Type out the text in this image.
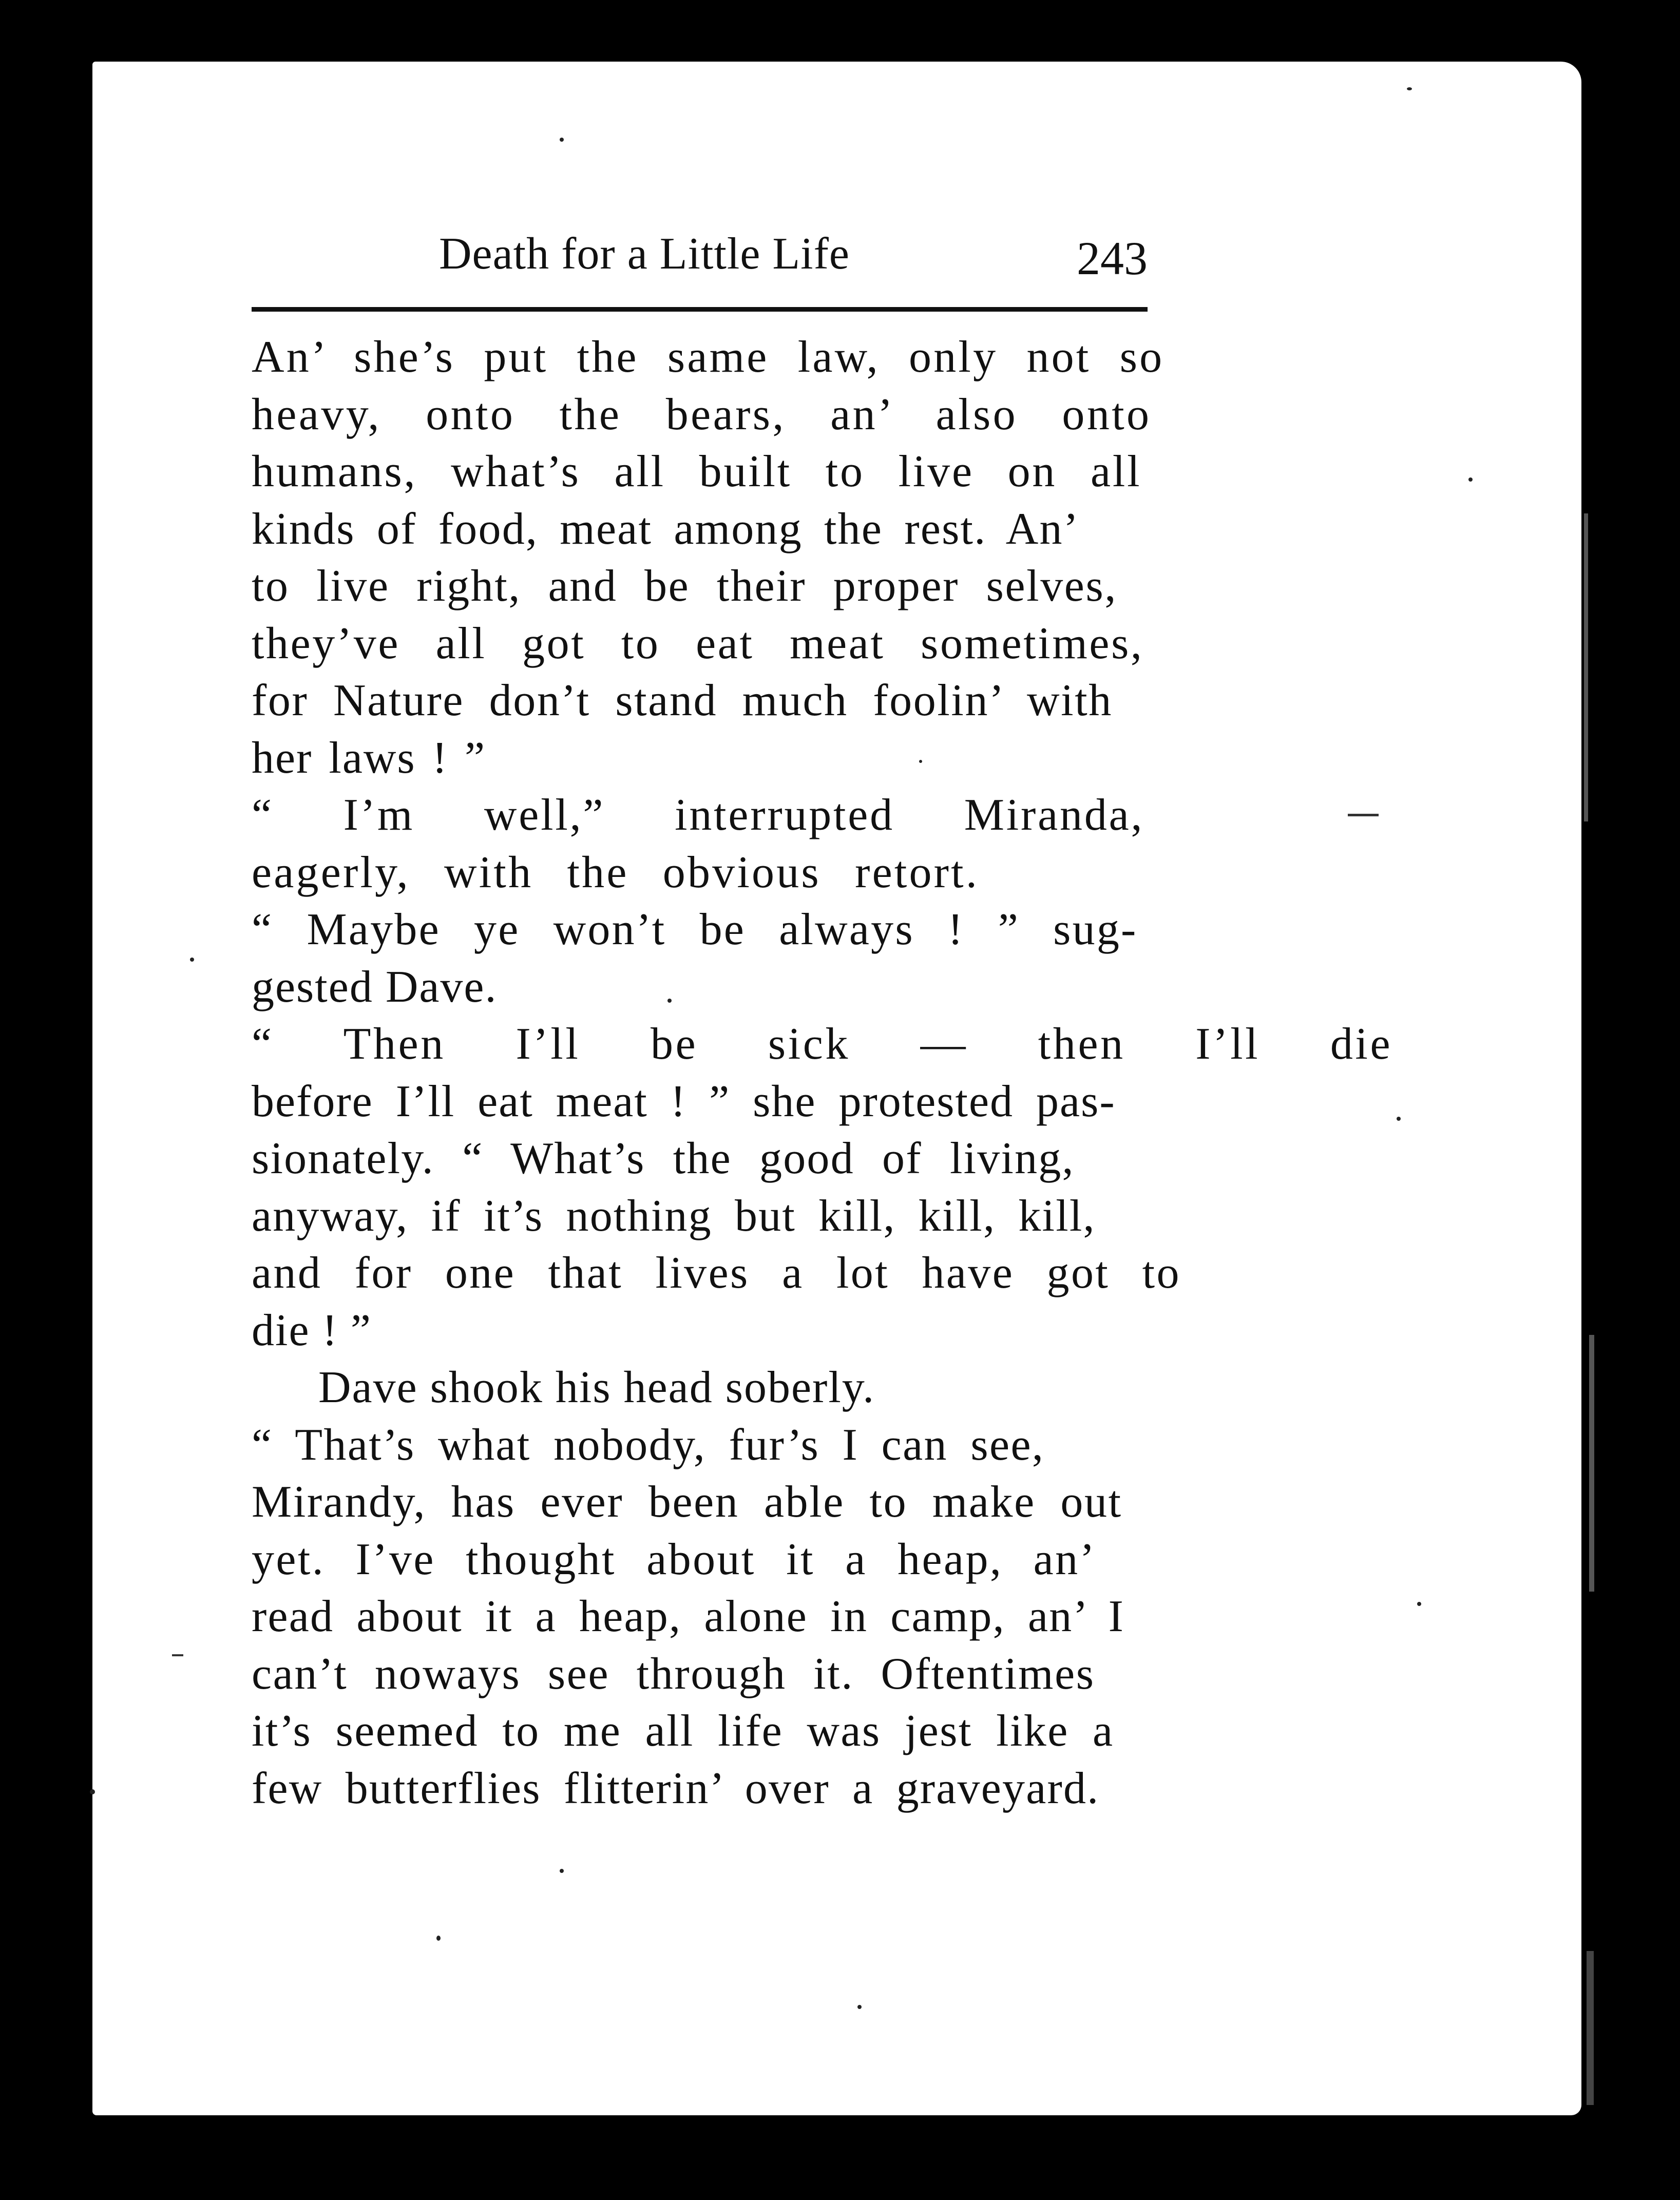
Death for a Little Life	243
An’ she’s put the same law, only not so
heavy, onto the bears, an’ also onto
humans, what’s all built to live on all
kinds of food, meat among the rest. An’
to live right, and be their proper selves,
they’ve all got to eat meat sometimes,
for Nature don’t stand much foolin’ with
her laws ! ”
“ I’m well,” interrupted Miranda,
eagerly, with the obvious retort.
“ Maybe ye won’t be always ! ” sug-
gested Dave.
“ Then I’ll be sick — then I’ll die
before I’ll eat meat ! ” she protested pas-
sionately. “ What’s the good of living,
anyway, if it’s nothing but kill, kill, kill,
and for one that lives a lot have got to
die ! ”
Dave shook his head soberly.
“ That’s what nobody, fur’s I can see,
Mirandy, has ever been able to make out
yet. I’ve thought about it a heap, an’
read about it a heap, alone in camp, an’ I
can’t noways see through it. Oftentimes
it’s seemed to me all life was jest like a
few butterflies flitterin’ over a graveyard.
